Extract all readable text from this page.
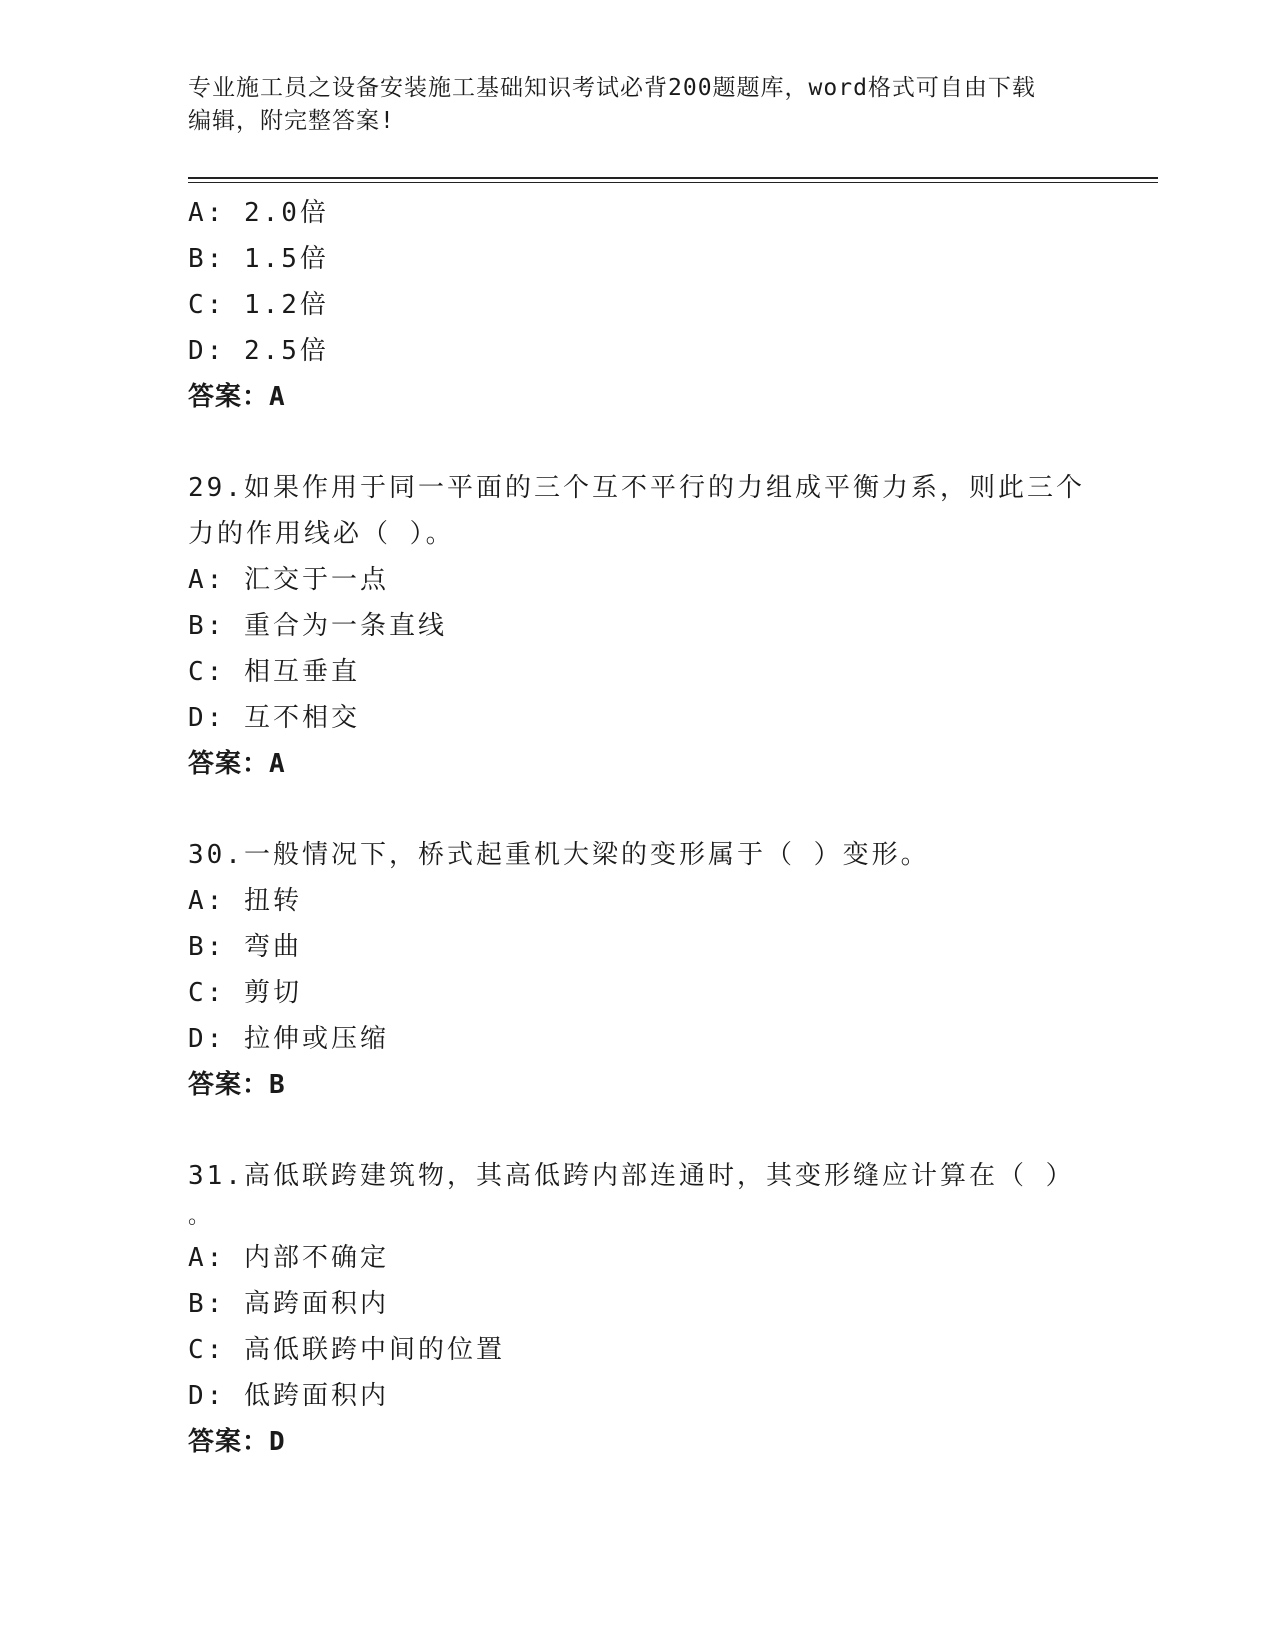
专业施工员之设备安装施工基础知识考试必背200题题库，word格式可自由下载
编辑，附完整答案!
A: 2.0倍
B: 1.5倍
C: 1.2倍
D: 2.5倍
答案：A
29.如果作用于同一平面的三个互不平行的力组成平衡力系，则此三个
力的作用线必（ ）。
A: 汇交于一点
B: 重合为一条直线
C: 相互垂直
D: 互不相交
答案：A
30.一般情况下，桥式起重机大梁的变形属于（ ）变形。
A: 扭转
B: 弯曲
C: 剪切
D: 拉伸或压缩
答案：B
31.高低联跨建筑物，其高低跨内部连通时，其变形缝应计算在（ ）
。
A: 内部不确定
B: 高跨面积内
C: 高低联跨中间的位置
D: 低跨面积内
答案：D
